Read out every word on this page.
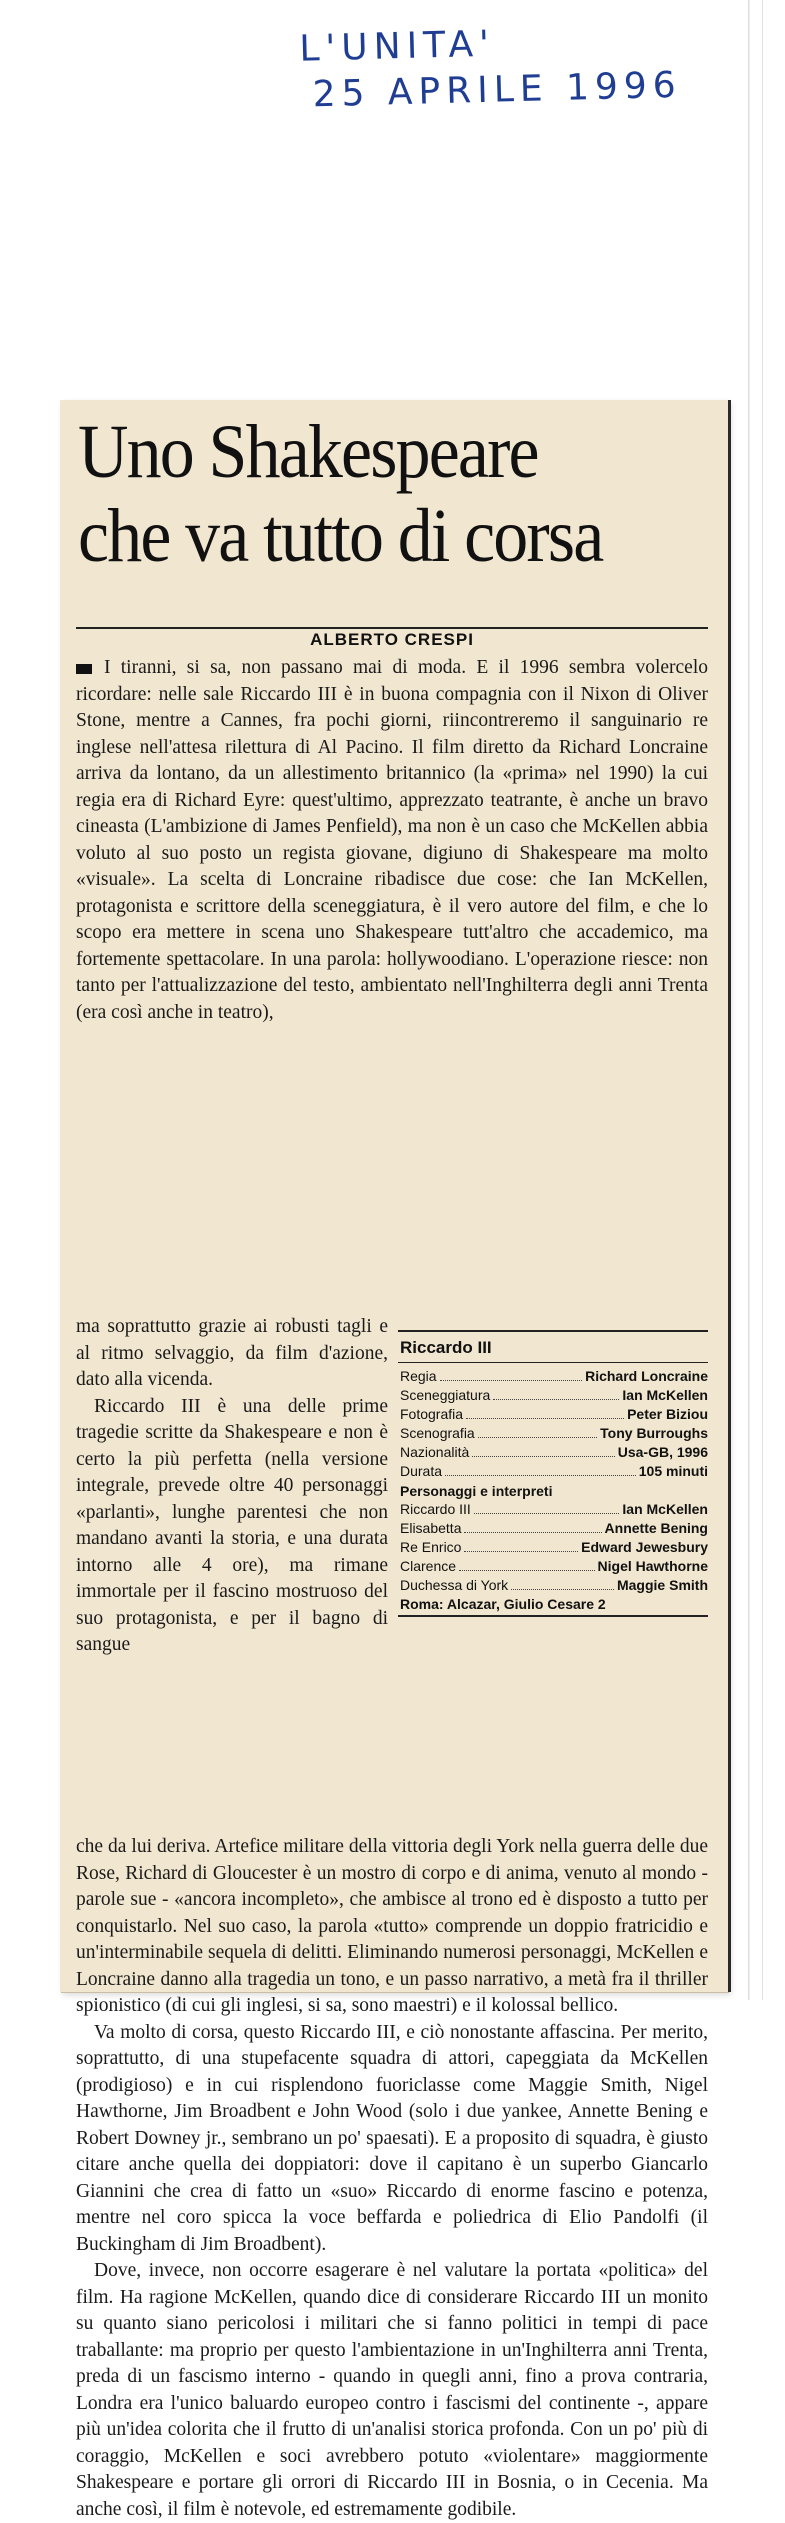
L'UNITA'
25 APRILE 1996
Uno Shakespeare
che va tutto di corsa
ALBERTO CRESPI
I tiranni, si sa, non passano mai di moda. E il 1996 sembra volercelo ricordare: nelle sale Riccardo III è in buona compagnia con il Nixon di Oliver Stone, mentre a Cannes, fra pochi giorni, riincontreremo il sanguinario re inglese nell'attesa rilettura di Al Pacino. Il film diretto da Richard Loncraine arriva da lontano, da un allestimento britannico (la «prima» nel 1990) la cui regia era di Richard Eyre: quest'ultimo, apprezzato teatrante, è anche un bravo cineasta (L'ambizione di James Penfield), ma non è un caso che McKellen abbia voluto al suo posto un regista giovane, digiuno di Shakespeare ma molto «visuale». La scelta di Loncraine ribadisce due cose: che Ian McKellen, protagonista e scrittore della sceneggiatura, è il vero autore del film, e che lo scopo era mettere in scena uno Shakespeare tutt'altro che accademico, ma fortemente spettacolare. In una parola: hollywoodiano. L'operazione riesce: non tanto per l'attualizzazione del testo, ambientato nell'Inghilterra degli anni Trenta (era così anche in teatro),

ma soprattutto grazie ai robusti tagli e al ritmo selvaggio, da film d'azione, dato alla vicenda.

Riccardo III è una delle prime tragedie scritte da Shakespeare e non è certo la più perfetta (nella versione integrale, prevede oltre 40 personaggi «parlanti», lunghe parentesi che non mandano avanti la storia, e una durata intorno alle 4 ore), ma rimane immortale per il fascino mostruoso del suo protagonista, e per il bagno di sangue

Riccardo III
Regia	Richard Loncraine
Sceneggiatura	Ian McKellen
Fotografia	Peter Biziou
Scenografia	Tony Burroughs
Nazionalità	Usa-GB, 1996
Durata	105 minuti
Personaggi e interpreti
Riccardo III	Ian McKellen
Elisabetta	Annette Bening
Re Enrico	Edward Jewesbury
Clarence	Nigel Hawthorne
Duchessa di York	Maggie Smith
Roma: Alcazar, Giulio Cesare 2

che da lui deriva. Artefice militare della vittoria degli York nella guerra delle due Rose, Richard di Gloucester è un mostro di corpo e di anima, venuto al mondo - parole sue - «ancora incompleto», che ambisce al trono ed è disposto a tutto per conquistarlo. Nel suo caso, la parola «tutto» comprende un doppio fratricidio e un'interminabile sequela di delitti. Eliminando numerosi personaggi, McKellen e Loncraine danno alla tragedia un tono, e un passo narrativo, a metà fra il thriller spionistico (di cui gli inglesi, si sa, sono maestri) e il kolossal bellico.

Va molto di corsa, questo Riccardo III, e ciò nonostante affascina. Per merito, soprattutto, di una stupefacente squadra di attori, capeggiata da McKellen (prodigioso) e in cui risplendono fuoriclasse come Maggie Smith, Nigel Hawthorne, Jim Broadbent e John Wood (solo i due yankee, Annette Bening e Robert Downey jr., sembrano un po' spaesati). E a proposito di squadra, è giusto citare anche quella dei doppiatori: dove il capitano è un superbo Giancarlo Giannini che crea di fatto un «suo» Riccardo di enorme fascino e potenza, mentre nel coro spicca la voce beffarda e poliedrica di Elio Pandolfi (il Buckingham di Jim Broadbent).

Dove, invece, non occorre esagerare è nel valutare la portata «politica» del film. Ha ragione McKellen, quando dice di considerare Riccardo III un monito su quanto siano pericolosi i militari che si fanno politici in tempi di pace traballante: ma proprio per questo l'ambientazione in un'Inghilterra anni Trenta, preda di un fascismo interno - quando in quegli anni, fino a prova contraria, Londra era l'unico baluardo europeo contro i fascismi del continente -, appare più un'idea colorita che il frutto di un'analisi storica profonda. Con un po' più di coraggio, McKellen e soci avrebbero potuto «violentare» maggiormente Shakespeare e portare gli orrori di Riccardo III in Bosnia, o in Cecenia. Ma anche così, il film è notevole, ed estremamente godibile.
